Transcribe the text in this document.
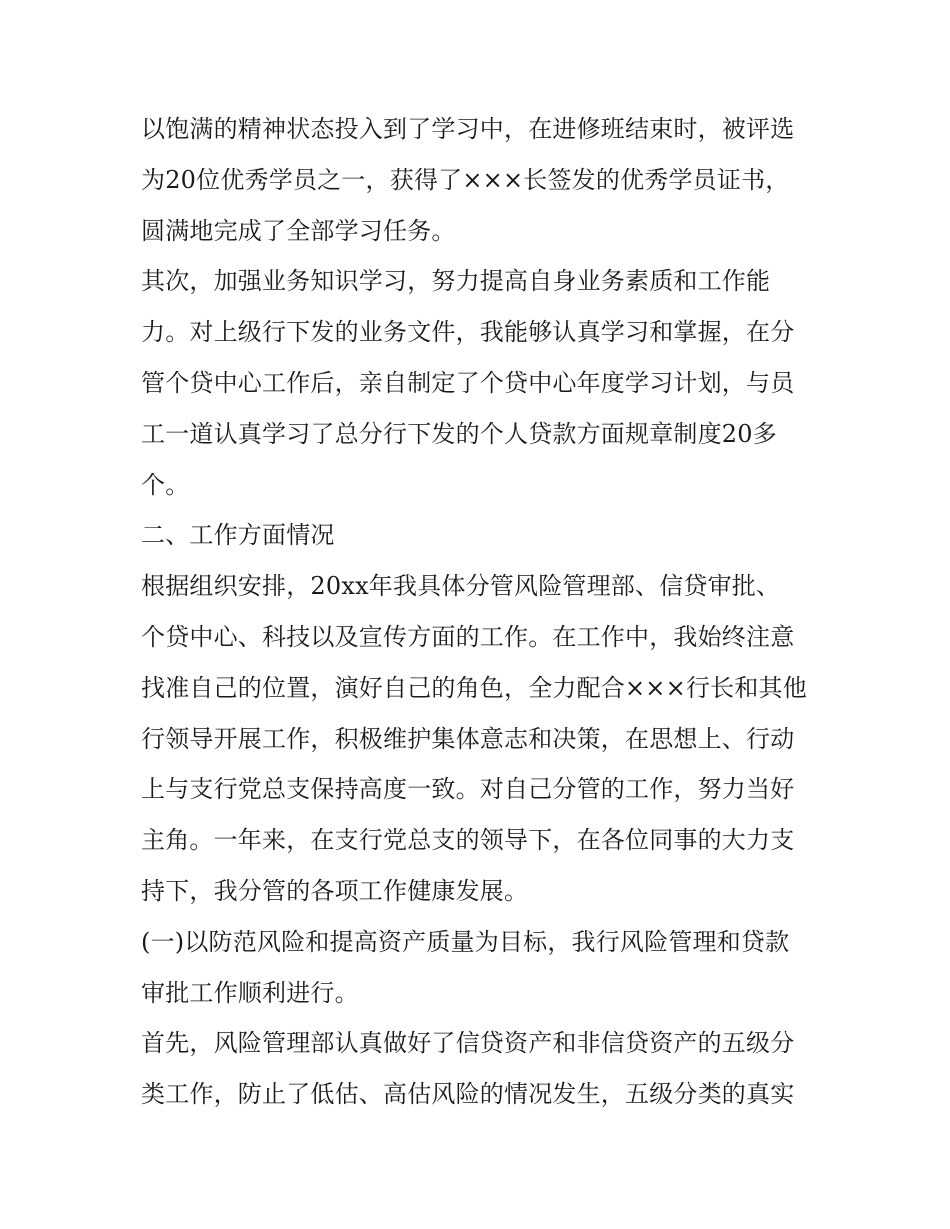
以饱满的精神状态投入到了学习中，在进修班结束时，被评选
为20位优秀学员之一，获得了×××长签发的优秀学员证书，
圆满地完成了全部学习任务。
其次，加强业务知识学习，努力提高自身业务素质和工作能
力。对上级行下发的业务文件，我能够认真学习和掌握，在分
管个贷中心工作后，亲自制定了个贷中心年度学习计划，与员
工一道认真学习了总分行下发的个人贷款方面规章制度20多
个。
二、工作方面情况
根据组织安排，20xx年我具体分管风险管理部、信贷审批、
个贷中心、科技以及宣传方面的工作。在工作中，我始终注意
找准自己的位置，演好自己的角色，全力配合×××行长和其他
行领导开展工作，积极维护集体意志和决策，在思想上、行动
上与支行党总支保持高度一致。对自己分管的工作，努力当好
主角。一年来，在支行党总支的领导下，在各位同事的大力支
持下，我分管的各项工作健康发展。
(一)以防范风险和提高资产质量为目标，我行风险管理和贷款
审批工作顺利进行。
首先，风险管理部认真做好了信贷资产和非信贷资产的五级分
类工作，防止了低估、高估风险的情况发生，五级分类的真实
